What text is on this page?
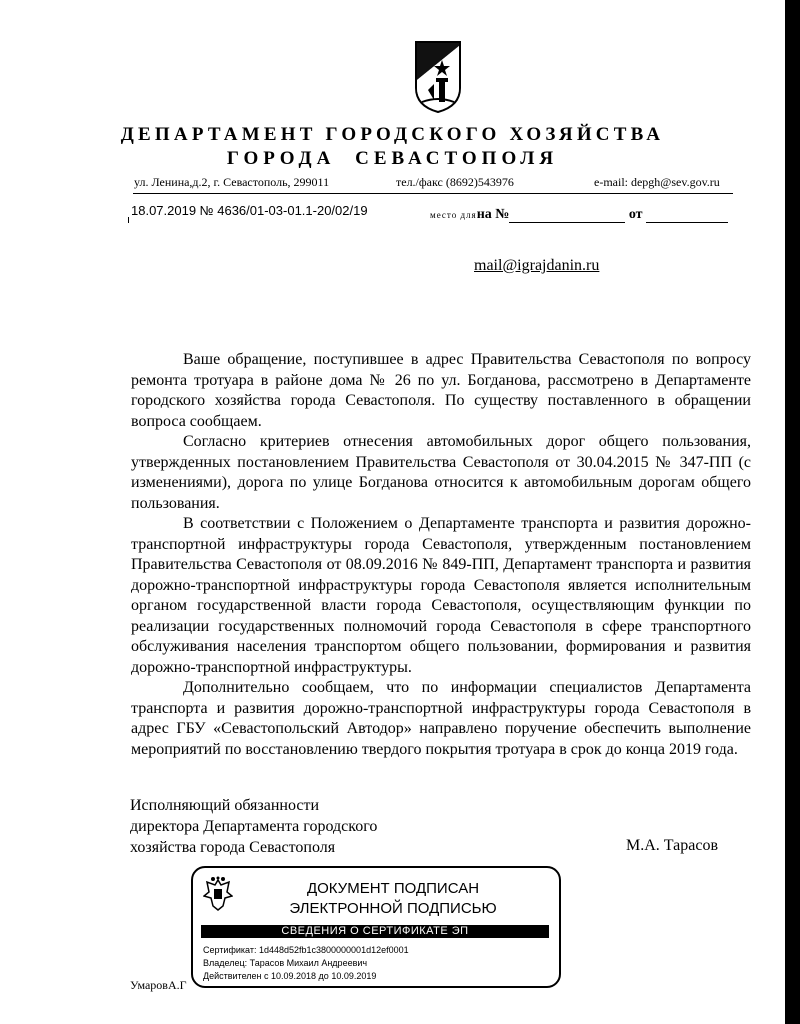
ДЕПАРТАМЕНТ ГОРОДСКОГО ХОЗЯЙСТВА
ГОРОДА СЕВАСТОПОЛЯ
ул. Ленина,д.2, г. Севастополь, 299011	тел./факс (8692)543976	e-mail: depgh@sev.gov.ru
18.07.2019 № 4636/01-03-01.1-20/02/19	место дляна №	от
mail@igrajdanin.ru

Ваше обращение, поступившее в адрес Правительства Севастополя по вопросу ремонта тротуара в районе дома № 26 по ул. Богданова, рассмотрено в Департаменте городского хозяйства города Севастополя. По существу поставленного в обращении вопроса сообщаем.

Согласно критериев отнесения автомобильных дорог общего пользования, утвержденных постановлением Правительства Севастополя от 30.04.2015 № 347-ПП (с изменениями), дорога по улице Богданова относится к автомобильным дорогам общего пользования.

В соответствии с Положением о Департаменте транспорта и развития дорожно-транспортной инфраструктуры города Севастополя, утвержденным постановлением Правительства Севастополя от 08.09.2016 № 849-ПП, Департамент транспорта и развития дорожно-транспортной инфраструктуры города Севастополя является исполнительным органом государственной власти города Севастополя, осуществляющим функции по реализации государственных полномочий города Севастополя в сфере транспортного обслуживания населения транспортом общего пользовании, формирования и развития дорожно-транспортной инфраструктуры.

Дополнительно сообщаем, что по информации специалистов Департамента транспорта и развития дорожно-транспортной инфраструктуры города Севастополя в адрес ГБУ «Севастопольский Автодор» направлено поручение обеспечить выполнение мероприятий по восстановлению твердого покрытия тротуара в срок до конца 2019 года.

Исполняющий обязанности
директора Департамента городского
хозяйства города Севастополя	М.А. Тарасов
ДОКУМЕНТ ПОДПИСАН
ЭЛЕКТРОННОЙ ПОДПИСЬЮ
СВЕДЕНИЯ О СЕРТИФИКАТЕ ЭП
Сертификат: 1d448d52fb1c3800000001d12ef0001
Владелец: Тарасов Михаил Андреевич
Действителен с 10.09.2018 до 10.09.2019
УмаровА.Г
